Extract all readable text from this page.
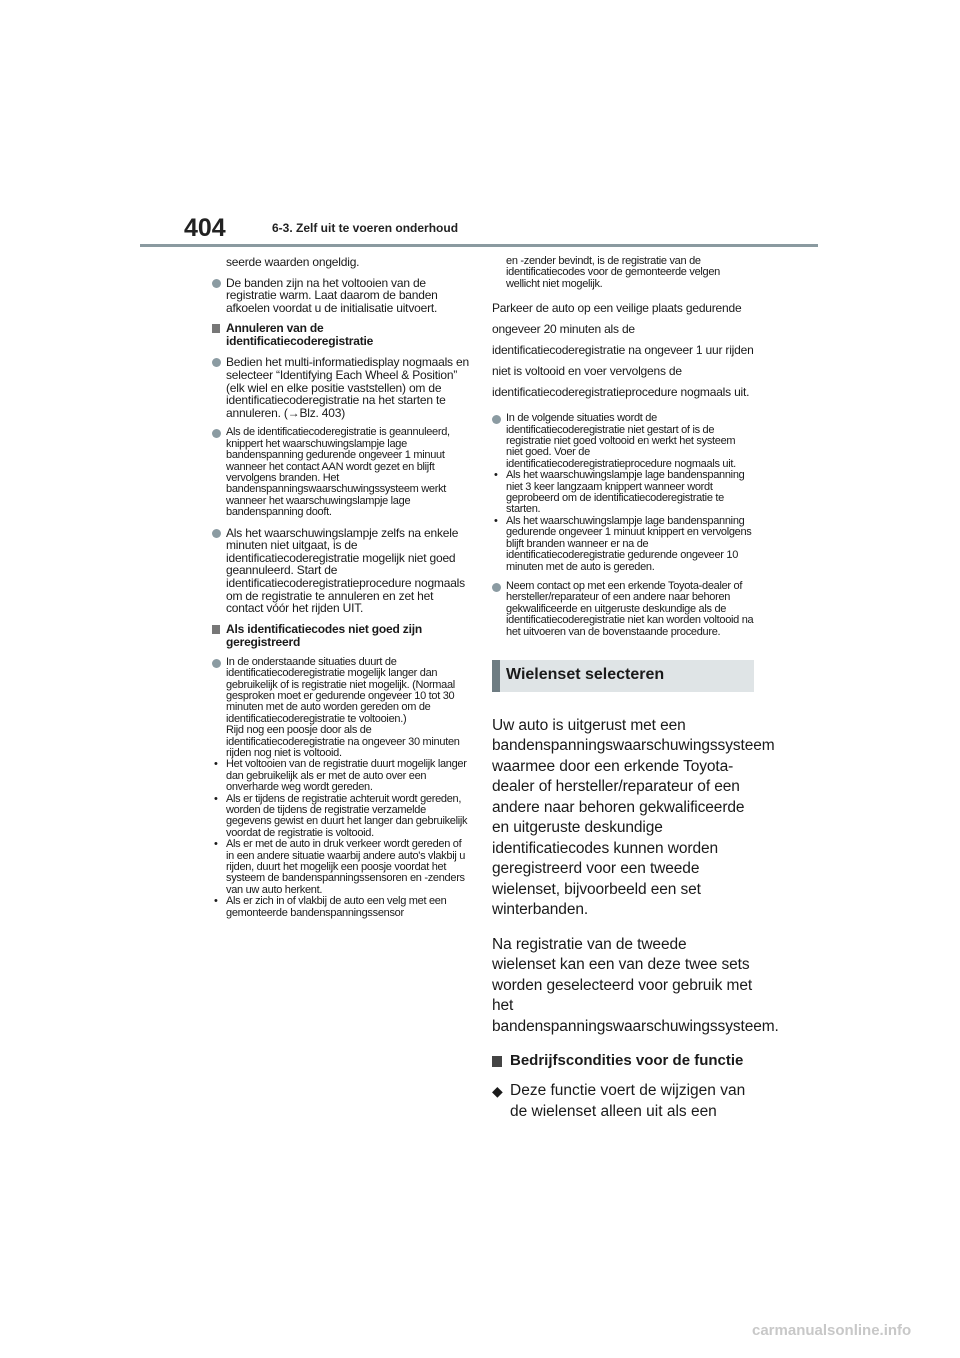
404	6-3. Zelf uit te voeren onderhoud

seerde waarden ongeldig.

De banden zijn na het voltooien van de registratie warm. Laat daarom de banden afkoelen voordat u de initialisatie uitvoert.
Annuleren van de identificatiecoderegistratie
Bedien het multi-informatiedisplay nogmaals en selecteer “Identifying Each Wheel & Position” (elk wiel en elke positie vaststellen) om de identificatiecoderegistratie na het starten te annuleren. (→Blz. 403)
Als de identificatiecoderegistratie is geannuleerd, knippert het waarschuwingslampje lage bandenspanning gedurende ongeveer 1 minuut wanneer het contact AAN wordt gezet en blijft vervolgens branden. Het bandenspanningswaarschuwingssysteem werkt wanneer het waarschuwingslampje lage bandenspanning dooft.
Als het waarschuwingslampje zelfs na enkele minuten niet uitgaat, is de identificatiecoderegistratie mogelijk niet goed geannuleerd. Start de identificatiecoderegistratieprocedure nogmaals om de registratie te annuleren en zet het contact vóór het rijden UIT.
Als identificatiecodes niet goed zijn geregistreerd
In de onderstaande situaties duurt de identificatiecoderegistratie mogelijk langer dan gebruikelijk of is registratie niet mogelijk. (Normaal gesproken moet er gedurende ongeveer 10 tot 30 minuten met de auto worden gereden om de identificatiecoderegistratie te voltooien.)
Rijd nog een poosje door als de identificatiecoderegistratie na ongeveer 30 minuten rijden nog niet is voltooid.
• Het voltooien van de registratie duurt mogelijk langer dan gebruikelijk als er met de auto over een onverharde weg wordt gereden.
• Als er tijdens de registratie achteruit wordt gereden, worden de tijdens de registratie verzamelde gegevens gewist en duurt het langer dan gebruikelijk voordat de registratie is voltooid.
• Als er met de auto in druk verkeer wordt gereden of in een andere situatie waarbij andere auto's vlakbij u rijden, duurt het mogelijk een poosje voordat het systeem de bandenspanningssensoren en -zenders van uw auto herkent.
• Als er zich in of vlakbij de auto een velg met een gemonteerde bandenspanningssensor

en -zender bevindt, is de registratie van de identificatiecodes voor de gemonteerde velgen wellicht niet mogelijk.

Parkeer de auto op een veilige plaats gedurende ongeveer 20 minuten als de identificatiecoderegistratie na ongeveer 1 uur rijden niet is voltooid en voer vervolgens de identificatiecoderegistratieprocedure nogmaals uit.

In de volgende situaties wordt de identificatiecoderegistratie niet gestart of is de registratie niet goed voltooid en werkt het systeem niet goed. Voer de identificatiecoderegistratieprocedure nogmaals uit.
• Als het waarschuwingslampje lage bandenspanning niet 3 keer langzaam knippert wanneer wordt geprobeerd om de identificatiecoderegistratie te starten.
• Als het waarschuwingslampje lage bandenspanning gedurende ongeveer 1 minuut knippert en vervolgens blijft branden wanneer er na de identificatiecoderegistratie gedurende ongeveer 10 minuten met de auto is gereden.
Neem contact op met een erkende Toyota-dealer of hersteller/reparateur of een andere naar behoren gekwalificeerde en uitgeruste deskundige als de identificatiecoderegistratie niet kan worden voltooid na het uitvoeren van de bovenstaande procedure.
Wielenset selecteren

Uw auto is uitgerust met een bandenspanningswaarschuwingssysteem waarmee door een erkende Toyota-dealer of hersteller/reparateur of een andere naar behoren gekwalificeerde en uitgeruste deskundige identificatiecodes kunnen worden geregistreerd voor een tweede wielenset, bijvoorbeeld een set winterbanden.

Na registratie van de tweede wielenset kan een van deze twee sets worden geselecteerd voor gebruik met het bandenspanningswaarschuwingssysteem.

Bedrijfscondities voor de functie
◆ Deze functie voert de wijzigen van de wielenset alleen uit als een
carmanualsonline.info
